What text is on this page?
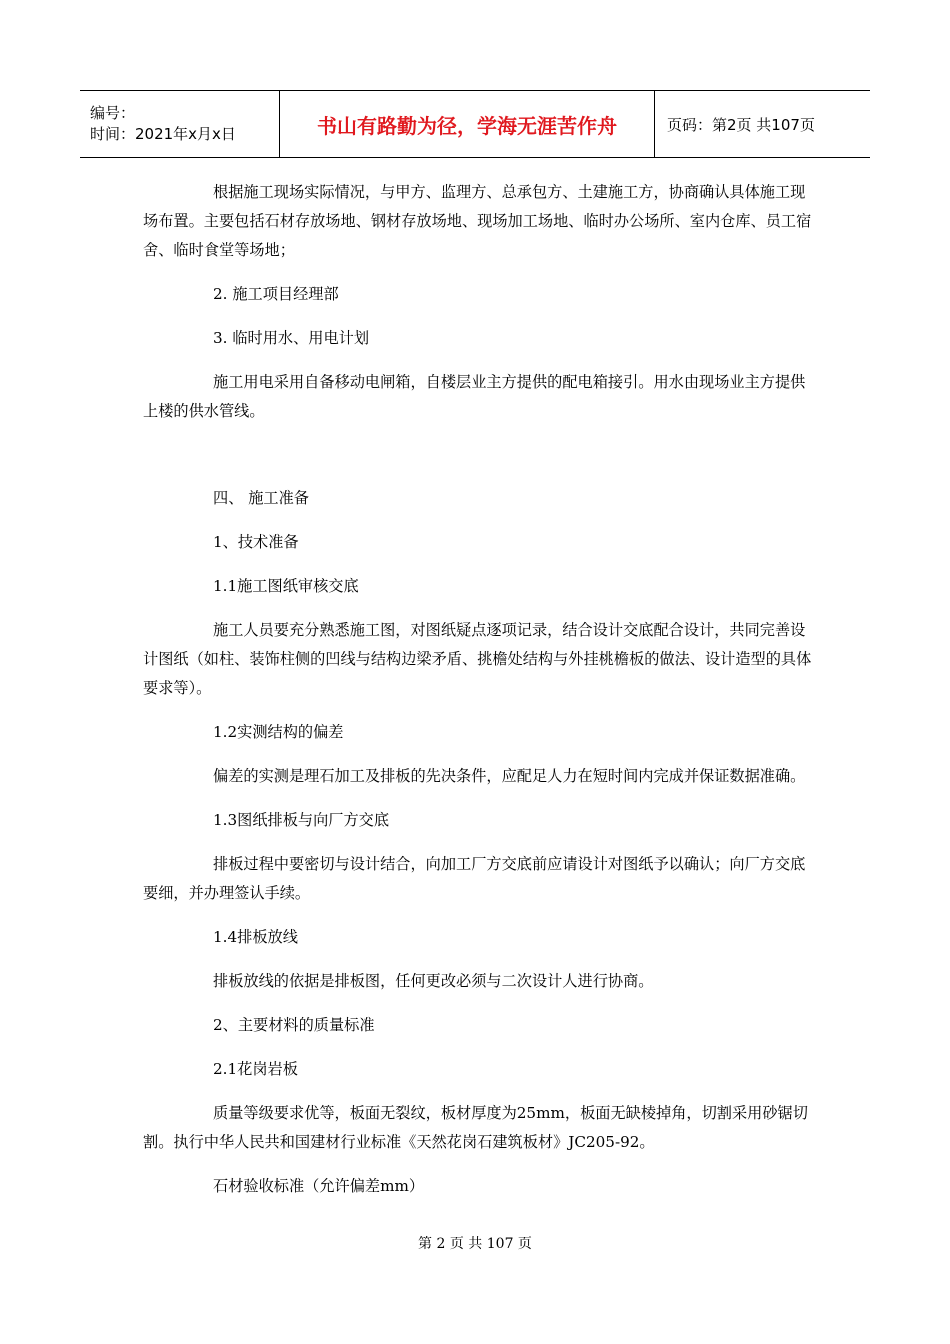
编号：
时间：2021年x月x日	书山有路勤为径，学海无涯苦作舟	页码：第2页 共107页

根据施工现场实际情况，与甲方、监理方、总承包方、土建施工方，协商确认具体施工现场布置。主要包括石材存放场地、钢材存放场地、现场加工场地、临时办公场所、室内仓库、员工宿舍、临时食堂等场地；

2. 施工项目经理部

3. 临时用水、用电计划

施工用电采用自备移动电闸箱，自楼层业主方提供的配电箱接引。用水由现场业主方提供上楼的供水管线。

四、 施工准备

1、技术准备

1.1施工图纸审核交底

施工人员要充分熟悉施工图，对图纸疑点逐项记录，结合设计交底配合设计，共同完善设计图纸（如柱、装饰柱侧的凹线与结构边梁矛盾、挑檐处结构与外挂桃檐板的做法、设计造型的具体要求等）。

1.2实测结构的偏差

偏差的实测是理石加工及排板的先决条件，应配足人力在短时间内完成并保证数据准确。

1.3图纸排板与向厂方交底

排板过程中要密切与设计结合，向加工厂方交底前应请设计对图纸予以确认；向厂方交底要细，并办理签认手续。

1.4排板放线

排板放线的依据是排板图，任何更改必须与二次设计人进行协商。

2、主要材料的质量标准

2.1花岗岩板

质量等级要求优等，板面无裂纹，板材厚度为25mm，板面无缺棱掉角，切割采用砂锯切割。执行中华人民共和国建材行业标准《天然花岗石建筑板材》JC205-92。

石材验收标准（允许偏差mm）

第 2 页 共 107 页
